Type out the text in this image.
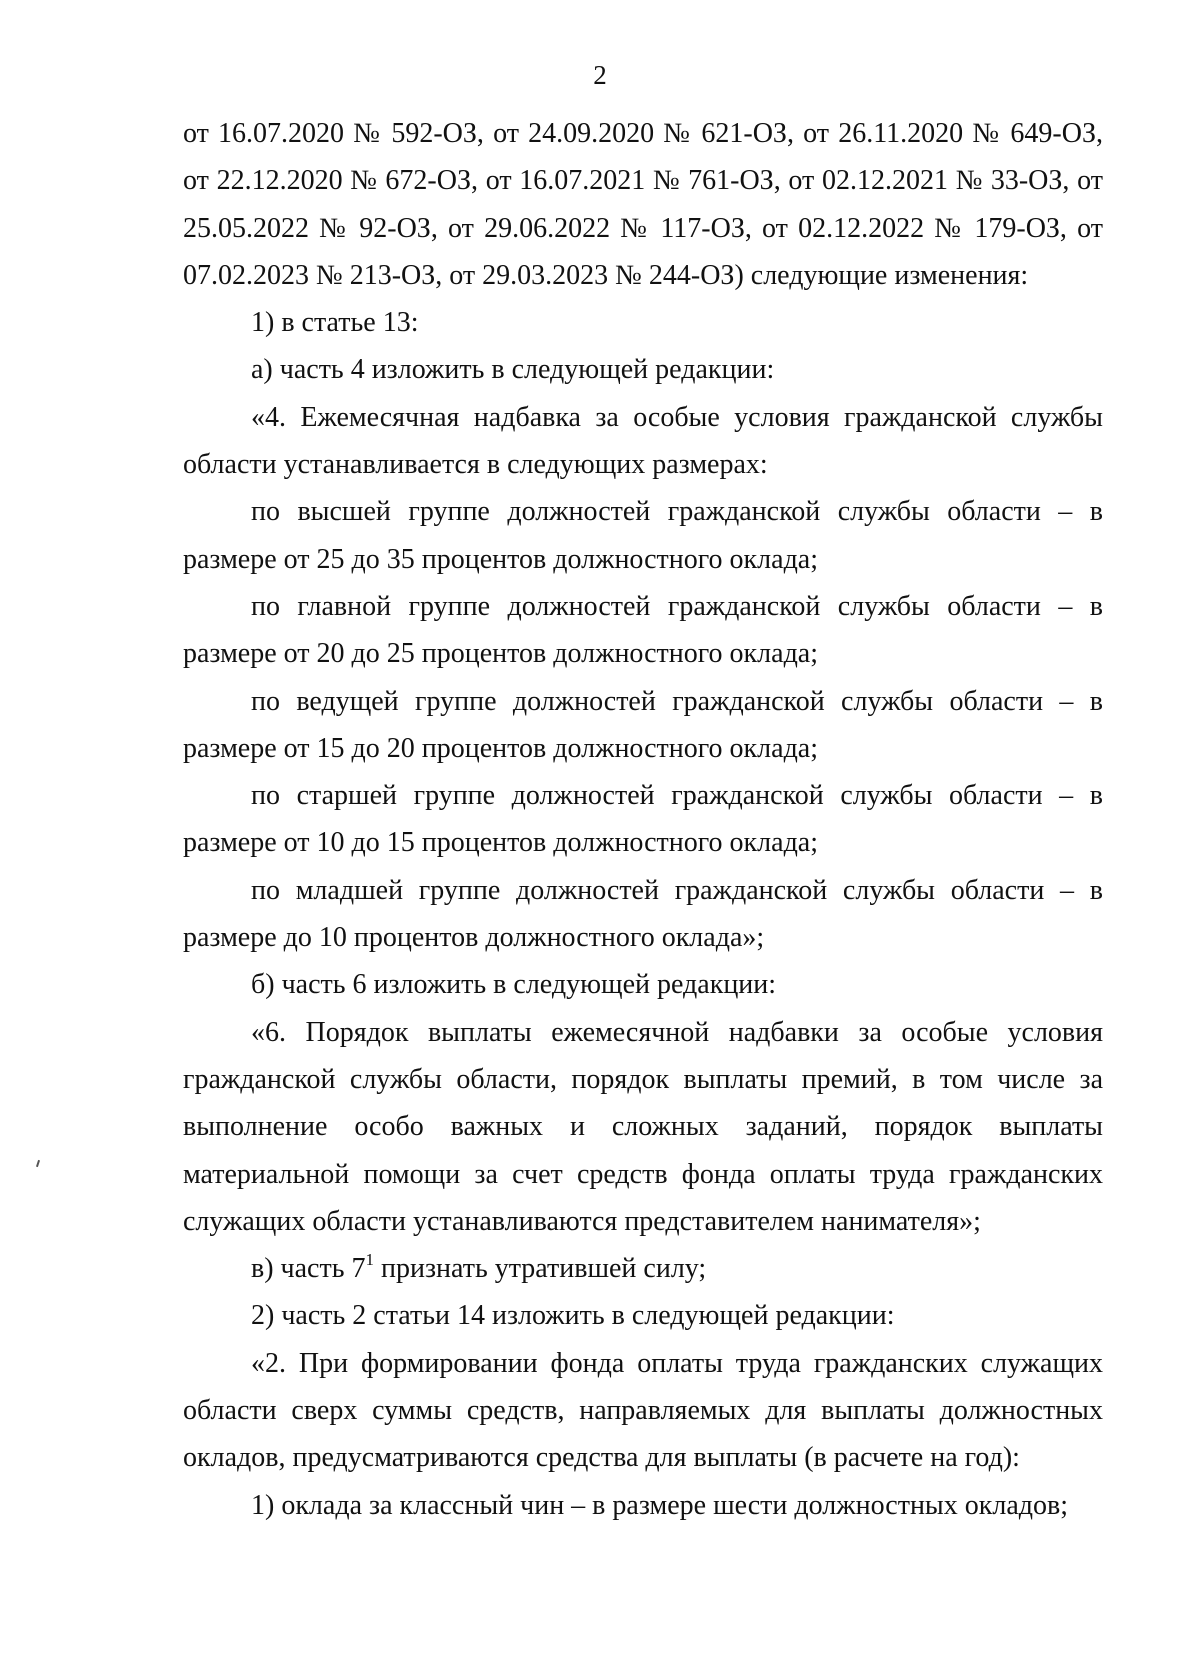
2

от 16.07.2020 № 592-ОЗ, от 24.09.2020 № 621-ОЗ, от 26.11.2020 № 649-ОЗ, от 22.12.2020 № 672-ОЗ, от 16.07.2021 № 761-ОЗ, от 02.12.2021 № 33-ОЗ, от 25.05.2022 № 92-ОЗ, от 29.06.2022 № 117-ОЗ, от 02.12.2022 № 179-ОЗ, от 07.02.2023 № 213-ОЗ, от 29.03.2023 № 244-ОЗ) следующие изменения:

1) в статье 13:

а) часть 4 изложить в следующей редакции:

«4. Ежемесячная надбавка за особые условия гражданской службы области устанавливается в следующих размерах:

по высшей группе должностей гражданской службы области – в размере от 25 до 35 процентов должностного оклада;

по главной группе должностей гражданской службы области – в размере от 20 до 25 процентов должностного оклада;

по ведущей группе должностей гражданской службы области – в размере от 15 до 20 процентов должностного оклада;

по старшей группе должностей гражданской службы области – в размере от 10 до 15 процентов должностного оклада;

по младшей группе должностей гражданской службы области – в размере до 10 процентов должностного оклада»;

б) часть 6 изложить в следующей редакции:

«6. Порядок выплаты ежемесячной надбавки за особые условия гражданской службы области, порядок выплаты премий, в том числе за выполнение особо важных и сложных заданий, порядок выплаты материальной помощи за счет средств фонда оплаты труда гражданских служащих области устанавливаются представителем нанимателя»;

в) часть $7^1$ признать утратившей силу;

2) часть 2 статьи 14 изложить в следующей редакции:

«2. При формировании фонда оплаты труда гражданских служащих области сверх суммы средств, направляемых для выплаты должностных окладов, предусматриваются средства для выплаты (в расчете на год):

1) оклада за классный чин – в размере шести должностных окладов;
